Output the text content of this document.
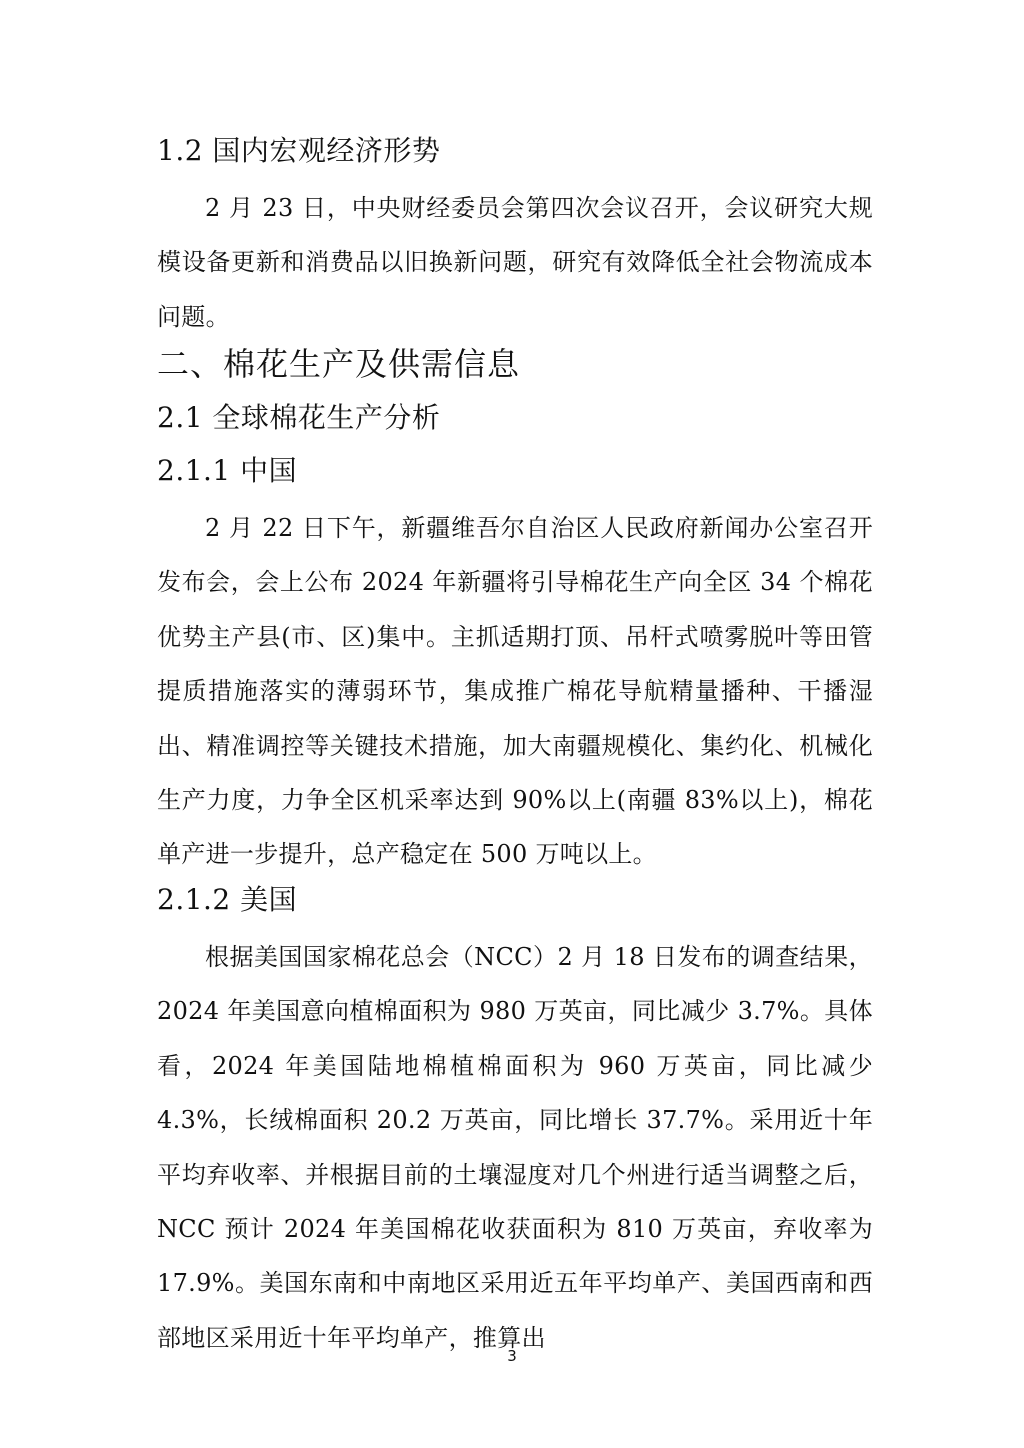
1.2 国内宏观经济形势

2 月 23 日，中央财经委员会第四次会议召开，会议研究大规模设备更新和消费品以旧换新问题，研究有效降低全社会物流成本问题。

二、棉花生产及供需信息
2.1 全球棉花生产分析
2.1.1 中国

2 月 22 日下午，新疆维吾尔自治区人民政府新闻办公室召开发布会，会上公布 2024 年新疆将引导棉花生产向全区 34 个棉花优势主产县(市、区)集中。主抓适期打顶、吊杆式喷雾脱叶等田管提质措施落实的薄弱环节，集成推广棉花导航精量播种、干播湿出、精准调控等关键技术措施，加大南疆规模化、集约化、机械化生产力度，力争全区机采率达到 90%以上(南疆 83%以上)，棉花单产进一步提升，总产稳定在 500 万吨以上。

2.1.2 美国

根据美国国家棉花总会（NCC）2 月 18 日发布的调查结果，2024 年美国意向植棉面积为 980 万英亩，同比减少 3.7%。具体看，2024 年美国陆地棉植棉面积为 960 万英亩，同比减少 4.3%，长绒棉面积 20.2 万英亩，同比增长 37.7%。采用近十年平均弃收率、并根据目前的土壤湿度对几个州进行适当调整之后，NCC 预计 2024 年美国棉花收获面积为 810 万英亩，弃收率为 17.9%。美国东南和中南地区采用近五年平均单产、美国西南和西部地区采用近十年平均单产，推算出

3
